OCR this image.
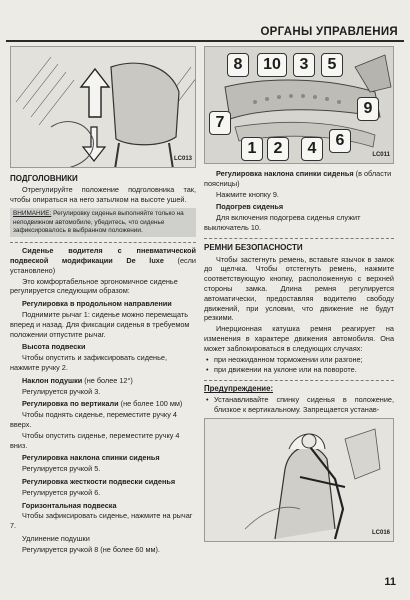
ОРГАНЫ УПРАВЛЕНИЯ
LC013
ПОДГОЛОВНИКИ

Отрегулируйте положение подголовника так, чтобы опираться на него затылком на высоте ушей.

ВНИМАНИЕ: Регулировку сиденья выполняйте только на неподвижном автомобиле, убедитесь, что сиденье зафиксировалось в выбранном положении.

Сиденье водителя с пневматической подвеской модификации De luxe (если установлено)

Это комфортабельное эргономичное сиденье регулируется следующим образом:

Регулировка в продольном направлении

Поднимите рычаг 1: сиденье можно перемещать вперед и назад. Для фиксации сиденья в требуемом положении отпустите рычаг.

Высота подвески

Чтобы опустить и зафиксировать сиденье, нажмите ручку 2.

Наклон подушки (не более 12°)

Регулируется ручкой 3.

Регулировка по вертикали (не более 100 мм)

Чтобы поднять сиденье, переместите ручку 4 вверх.

Чтобы опустить сиденье, переместите ручку 4 вниз.

Регулировка наклона спинки сиденья

Регулируется ручкой 5.

Регулировка жесткости подвески сиденья

Регулируется ручкой 6.

Горизонтальная подвеска

Чтобы зафиксировать сиденье, нажмите на рычаг 7.

Удлинение подушки

Регулируется ручкой 8 (не более 60 мм).

8	10	3	5
7
9
1	2	4	6
LC011

Регулировка наклона спинки сиденья (в области поясницы)

Нажмите кнопку 9.

Подогрев сиденья

Для включения подогрева сиденья служит выключатель 10.

РЕМНИ БЕЗОПАСНОСТИ

Чтобы застегнуть ремень, вставьте язычок в замок до щелчка. Чтобы отстегнуть ремень, нажмите соответствующую кнопку, расположенную с верхней стороны замка. Длина ремня регулируется автоматически, предоставляя водителю свободу движений, при условии, что движение не будут резкими.

Инерционная катушка ремня реагирует на изменения в характере движения автомобиля. Она может заблокироваться в следующих случаях:

• при неожиданном торможении или разгоне;

• при движении на уклоне или на повороте.

Предупреждение:

• Устанавливайте спинку сиденья в положение, близкое к вертикальному. Запрещается устанав-

LC016
11
